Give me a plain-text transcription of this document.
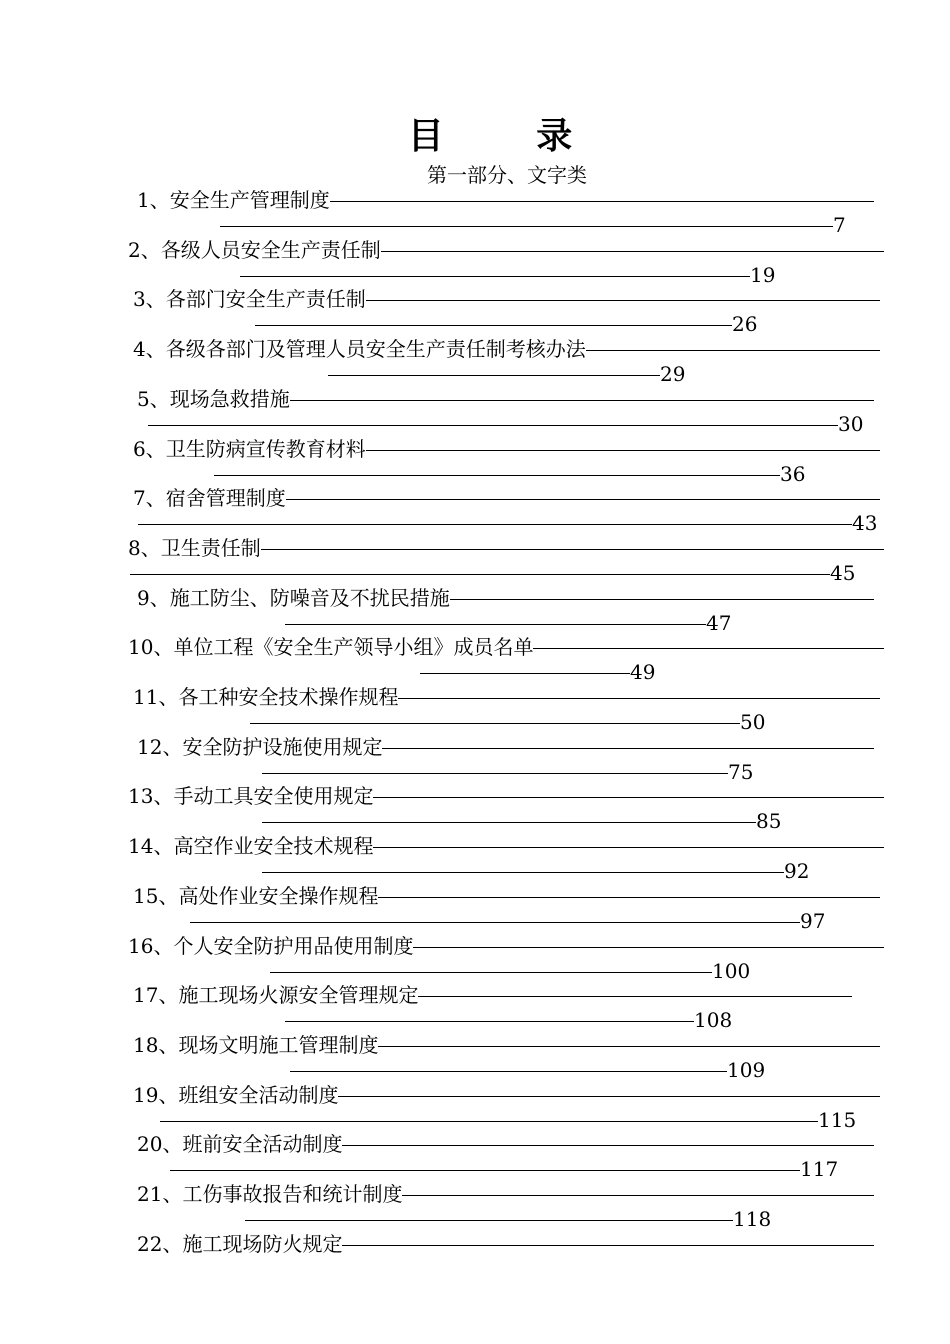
目 录
第一部分、文字类
1、安全生产管理制度
7
2、各级人员安全生产责任制
19
3、各部门安全生产责任制
26
4、各级各部门及管理人员安全生产责任制考核办法
29
5、现场急救措施
30
6、卫生防病宣传教育材料
36
7、宿舍管理制度
43
8、卫生责任制
45
9、施工防尘、防噪音及不扰民措施
47
10、单位工程《安全生产领导小组》成员名单
49
11、各工种安全技术操作规程
50
12、安全防护设施使用规定
75
13、手动工具安全使用规定
85
14、高空作业安全技术规程
92
15、高处作业安全操作规程
97
16、个人安全防护用品使用制度
100
17、施工现场火源安全管理规定
108
18、现场文明施工管理制度
109
19、班组安全活动制度
115
20、班前安全活动制度
117
21、工伤事故报告和统计制度
118
22、施工现场防火规定
